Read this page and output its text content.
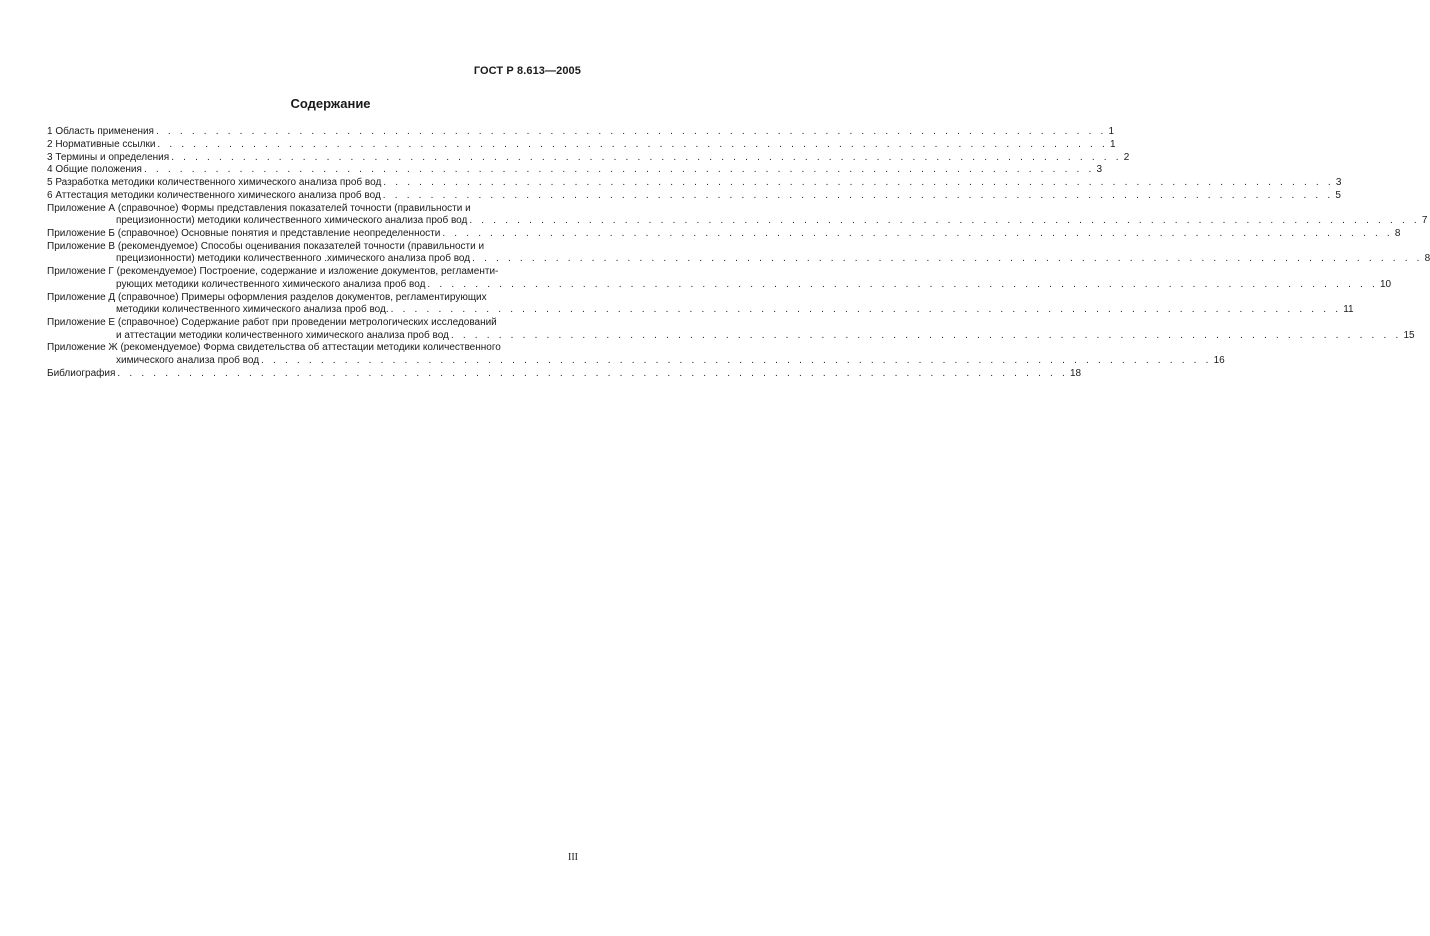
ГОСТ Р 8.613—2005
Содержание
1 Область применения . . . . . . . . . . . . . . . . . . . . . . . . . . . . . . . . . . . . . . . . . . . . . . . . . . . . . . . . . . . . . . . . . . . . . . . . . . . . . . . . 1
2 Нормативные ссылки . . . . . . . . . . . . . . . . . . . . . . . . . . . . . . . . . . . . . . . . . . . . . . . . . . . . . . . . . . . . . . . . . . . . . . . . . . . . . . . . 1
3 Термины и определения . . . . . . . . . . . . . . . . . . . . . . . . . . . . . . . . . . . . . . . . . . . . . . . . . . . . . . . . . . . . . . . . . . . . . . . . . . . . . . . . 2
4 Общие положения . . . . . . . . . . . . . . . . . . . . . . . . . . . . . . . . . . . . . . . . . . . . . . . . . . . . . . . . . . . . . . . . . . . . . . . . . . . . . . . . 3
5 Разработка методики количественного химического анализа проб вод . . . . . . . . . . . . . . . . . . . . . . . . . . . . . . . . . . . . . . . . . . . . . . . . . . . . . . . . . . . . . . . . . . . . . . . . . . . . . . . . 3
6 Аттестация методики количественного химического анализа проб вод . . . . . . . . . . . . . . . . . . . . . . . . . . . . . . . . . . . . . . . . . . . . . . . . . . . . . . . . . . . . . . . . . . . . . . . . . . . . . . . . 5
Приложение А (справочное) Формы представления показателей точности (правильности и
прецизионности) методики количественного химического анализа проб вод . . . . . . . . . . . . . . . . . . . . . . . . . . . . . . . . . . . . . . . . . . . . . . . . . . . . . . . . . . . . . . . . . . . . . . . . . . . . . . . . 7
Приложение Б (справочное) Основные понятия и представление неопределенности . . . . . . . . . . . . . . . . . . . . . . . . . . . . . . . . . . . . . . . . . . . . . . . . . . . . . . . . . . . . . . . . . . . . . . . . . . . . . . . . 8
Приложение В (рекомендуемое) Способы оценивания показателей точности (правильности и
прецизионности) методики количественного .химического анализа проб вод . . . . . . . . . . . . . . . . . . . . . . . . . . . . . . . . . . . . . . . . . . . . . . . . . . . . . . . . . . . . . . . . . . . . . . . . . . . . . . . . 8
Приложение Г (рекомендуемое) Построение, содержание и изложение документов, регламенти-
рующих методики количественного химического анализа проб вод . . . . . . . . . . . . . . . . . . . . . . . . . . . . . . . . . . . . . . . . . . . . . . . . . . . . . . . . . . . . . . . . . . . . . . . . . . . . . . . . 10
Приложение Д (справочное) Примеры оформления разделов документов, регламентирующих
методики количественного химического анализа проб вод. . . . . . . . . . . . . . . . . . . . . . . . . . . . . . . . . . . . . . . . . . . . . . . . . . . . . . . . . . . . . . . . . . . . . . . . . . . . . . . . . 11
Приложение Е (справочное) Содержание работ при проведении метрологических исследований
и аттестации методики количественного химического анализа проб вод . . . . . . . . . . . . . . . . . . . . . . . . . . . . . . . . . . . . . . . . . . . . . . . . . . . . . . . . . . . . . . . . . . . . . . . . . . . . . . . . 15
Приложение Ж (рекомендуемое) Форма свидетельства об аттестации методики количественного
химического анализа проб вод . . . . . . . . . . . . . . . . . . . . . . . . . . . . . . . . . . . . . . . . . . . . . . . . . . . . . . . . . . . . . . . . . . . . . . . . . . . . . . . . 16
Библиография . . . . . . . . . . . . . . . . . . . . . . . . . . . . . . . . . . . . . . . . . . . . . . . . . . . . . . . . . . . . . . . . . . . . . . . . . . . . . . . . 18
III
